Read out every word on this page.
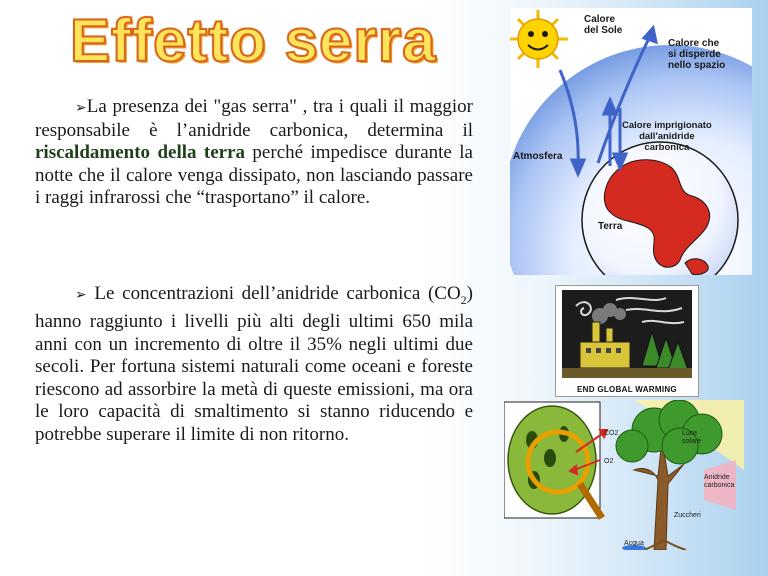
Effetto serra
➢La presenza dei "gas serra" , tra i quali il maggior responsabile è l’anidride carbonica, determina il riscaldamento della terra perché impedisce durante la notte che il calore venga dissipato, non lasciando passare i raggi infrarossi che “trasportano” il calore.
➢ Le concentrazioni dell’anidride carbonica $(CO_2)$ hanno raggiunto i livelli più alti degli ultimi 650 mila anni con un incremento di oltre il 35% negli ultimi due secoli. Per fortuna sistemi naturali come oceani e foreste riescono ad assorbire la metà di queste emissioni, ma ora le loro capacità di smaltimento si stanno riducendo e potrebbe superare il limite di non ritorno.
Calore
del Sole
Calore che
si disperde
nello spazio
Calore imprigionato
dall'anidride
carbonica
Atmosfera
Terra
END GLOBAL WARMING
CO2
O2
Luce
solare
Anidride
carbonica
Zuccheri
Acqua
